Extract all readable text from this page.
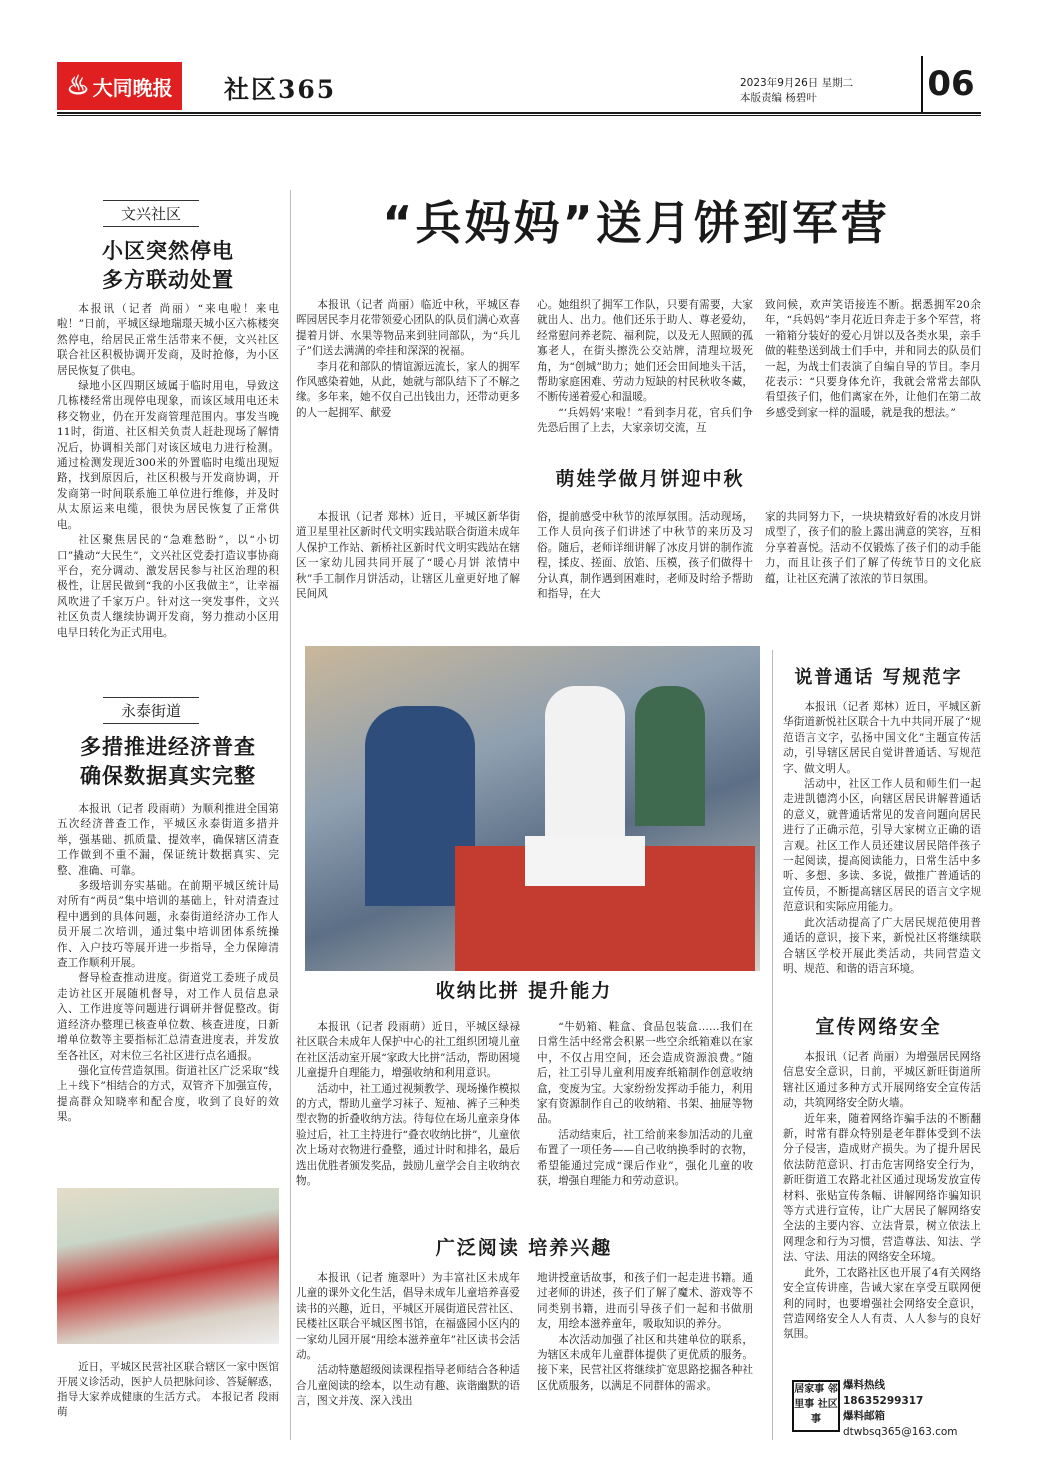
♨ 大同晚报 社区365	2023年9月26日 星期二
本版责编 杨碧叶	06
文兴社区
小区突然停电
多方联动处置

本报讯（记者 尚丽）“来电啦！来电啦！”日前，平城区绿地瑞璟天城小区六栋楼突然停电，给居民正常生活带来不便，文兴社区联合社区积极协调开发商，及时抢修，为小区居民恢复了供电。

绿地小区四期区域属于临时用电，导致这几栋楼经常出现停电现象，而该区域用电还未移交物业，仍在开发商管理范围内。事发当晚11时，街道、社区相关负责人赶赴现场了解情况后，协调相关部门对该区域电力进行检测。通过检测发现近300米的外置临时电缆出现短路，找到原因后，社区积极与开发商协调，开发商第一时间联系施工单位进行维修，并及时从太原运来电缆，很快为居民恢复了正常供电。

社区聚焦居民的“急难愁盼”，以“小切口”撬动“大民生”，文兴社区党委打造议事协商平台，充分调动、激发居民参与社区治理的积极性，让居民做到“我的小区我做主”，让幸福风吹进了千家万户。针对这一突发事件，文兴社区负责人继续协调开发商，努力推动小区用电早日转化为正式用电。

永泰街道
多措推进经济普查
确保数据真实完整

本报讯（记者 段雨萌）为顺利推进全国第五次经济普查工作，平城区永泰街道多措并举，强基础、抓质量、提效率，确保辖区清查工作做到不重不漏，保证统计数据真实、完整、准确、可靠。

多级培训夯实基础。在前期平城区统计局对所有“两员”集中培训的基础上，针对清查过程中遇到的具体问题，永泰街道经济办工作人员开展二次培训，通过集中培训团体系统操作、入户技巧等展开进一步指导，全力保障清查工作顺利开展。

督导检查推动进度。街道党工委班子成员走访社区开展随机督导，对工作人员信息录入、工作进度等问题进行调研并督促整改。街道经济办整理已核查单位数、核查进度，日新增单位数等主要指标汇总清查进度表，并发放至各社区，对末位三名社区进行点名通报。

强化宣传营造氛围。街道社区广泛采取“线上＋线下”相结合的方式，双管齐下加强宣传，提高群众知晓率和配合度，收到了良好的效果。

近日，平城区民营社区联合辖区一家中医馆开展义诊活动，医护人员把脉问诊、答疑解惑，指导大家养成健康的生活方式。 本报记者 段雨萌
“兵妈妈”送月饼到军营

本报讯（记者 尚丽）临近中秋，平城区春晖园居民李月花带领爱心团队的队员们满心欢喜提着月饼、水果等物品来到驻同部队，为“兵儿子”们送去满满的牵挂和深深的祝福。

李月花和部队的情谊源远流长，家人的拥军作风感染着她，从此，她就与部队结下了不解之缘。多年来，她不仅自己出钱出力，还带动更多的人一起拥军、献爱

心。她组织了拥军工作队，只要有需要，大家就出人、出力。他们还乐于助人、尊老爱幼，经常慰问养老院、福利院，以及无人照顾的孤寡老人，在街头擦洗公交站牌，清理垃圾死角，为“创城”助力；她们还会田间地头干活，帮助家庭困难、劳动力短缺的村民秋收冬藏，不断传递着爱心和温暖。

“‘兵妈妈’来啦！”看到李月花，官兵们争先恐后围了上去，大家亲切交流，互

致问候，欢声笑语接连不断。据悉拥军20余年，“兵妈妈”李月花近日奔走于多个军营，将一箱箱分装好的爱心月饼以及各类水果，亲手做的鞋垫送到战士们手中，并和同去的队员们一起，为战士们表演了自编自导的节目。李月花表示：“只要身体允许，我就会常常去部队看望孩子们，他们离家在外，让他们在第二故乡感受到家一样的温暖，就是我的想法。”

萌娃学做月饼迎中秋

本报讯（记者 郑林）近日，平城区新华街道卫星里社区新时代文明实践站联合街道未成年人保护工作站、新桥社区新时代文明实践站在辖区一家幼儿园共同开展了“暖心月饼 浓情中秋”手工制作月饼活动，让辖区儿童更好地了解民间风

俗，提前感受中秋节的浓厚氛围。活动现场，工作人员向孩子们讲述了中秋节的来历及习俗。随后，老师详细讲解了冰皮月饼的制作流程，揉皮、搓面、放馅、压模，孩子们做得十分认真，制作遇到困难时，老师及时给予帮助和指导，在大

家的共同努力下，一块块精致好看的冰皮月饼成型了，孩子们的脸上露出满意的笑容，互相分享着喜悦。活动不仅锻炼了孩子们的动手能力，而且让孩子们了解了传统节日的文化底蕴，让社区充满了浓浓的节日氛围。

收纳比拼 提升能力

本报讯（记者 段雨萌）近日，平城区绿禄社区联合未成年人保护中心的社工组织团境儿童在社区活动室开展“家政大比拼”活动，帮助困境儿童提升自理能力，增强收纳和利用意识。

活动中，社工通过视频教学、现场操作模拟的方式，帮助儿童学习袜子、短袖、裤子三种类型衣物的折叠收纳方法。待每位在场儿童亲身体验过后，社工主持进行“叠衣收纳比拼”，儿童依次上场对衣物进行叠整，通过计时和排名，最后选出优胜者颁发奖品，鼓励儿童学会自主收纳衣物。

“牛奶箱、鞋盒、食品包装盒……我们在日常生活中经常会积累一些空余纸箱难以在家中，不仅占用空间，还会造成资源浪费。”随后，社工引导儿童利用废弃纸箱制作创意收纳盒，变废为宝。大家纷纷发挥动手能力，利用家有资源制作自己的收纳箱、书架、抽屉等物品。

活动结束后，社工给前来参加活动的儿童布置了一项任务——自己收纳换季时的衣物，希望能通过完成“课后作业”，强化儿童的收获，增强自理能力和劳动意识。

广泛阅读 培养兴趣

本报讯（记者 施翠叶）为丰富社区未成年儿童的课外文化生活，倡导未成年儿童培养喜爱读书的兴趣，近日，平城区开展街道民营社区、民楼社区联合平城区图书馆，在福盛园小区内的一家幼儿园开展“用绘本滋养童年”社区读书会活动。

活动特邀超级阅读课程指导老师结合各种适合儿童阅读的绘本，以生动有趣、诙谐幽默的语言，图文并茂、深入浅出

地讲授童话故事，和孩子们一起走进书籍。通过老师的讲述，孩子们了解了魔术、游戏等不同类别书籍，进而引导孩子们一起和书做朋友，用绘本滋养童年，吸取知识的养分。

本次活动加强了社区和共建单位的联系，为辖区未成年儿童群体提供了更优质的服务。接下来，民营社区将继续扩宽思路挖掘各种社区优质服务，以满足不同群体的需求。

说普通话 写规范字

本报讯（记者 郑林）近日，平城区新华街道新悦社区联合十九中共同开展了“规范语言文字，弘扬中国文化”主题宣传活动，引导辖区居民自觉讲普通话、写规范字、做文明人。

活动中，社区工作人员和师生们一起走进凯德湾小区，向辖区居民讲解普通话的意义，就普通话常见的发音问题向居民进行了正确示范，引导大家树立正确的语言观。社区工作人员还建议居民陪伴孩子一起阅读，提高阅读能力，日常生活中多听、多想、多读、多说，做推广普通话的宣传员，不断提高辖区居民的语言文字规范意识和实际应用能力。

此次活动提高了广大居民规范使用普通话的意识，接下来，新悦社区将继续联合辖区学校开展此类活动，共同营造文明、规范、和谐的语言环境。

宣传网络安全

本报讯（记者 尚丽）为增强居民网络信息安全意识，日前，平城区新旺街道所辖社区通过多种方式开展网络安全宣传活动，共筑网络安全防火墙。

近年来，随着网络诈骗手法的不断翻新，时常有群众特别是老年群体受到不法分子侵害，造成财产损失。为了提升居民依法防范意识、打击危害网络安全行为，新旺街道工农路北社区通过现场发放宣传材料、张贴宣传条幅、讲解网络诈骗知识等方式进行宣传，让广大居民了解网络安全法的主要内容、立法背景，树立依法上网理念和行为习惯，营造尊法、知法、学法、守法、用法的网络安全环境。

此外，工农路社区也开展了4有关网络安全宣传讲座，告诫大家在享受互联网便利的同时，也要增强社会网络安全意识，营造网络安全人人有责、人人参与的良好氛围。

居家事 邻里事 社区事
爆料热线
18635299317
爆料邮箱
dtwbsq365@163.com
